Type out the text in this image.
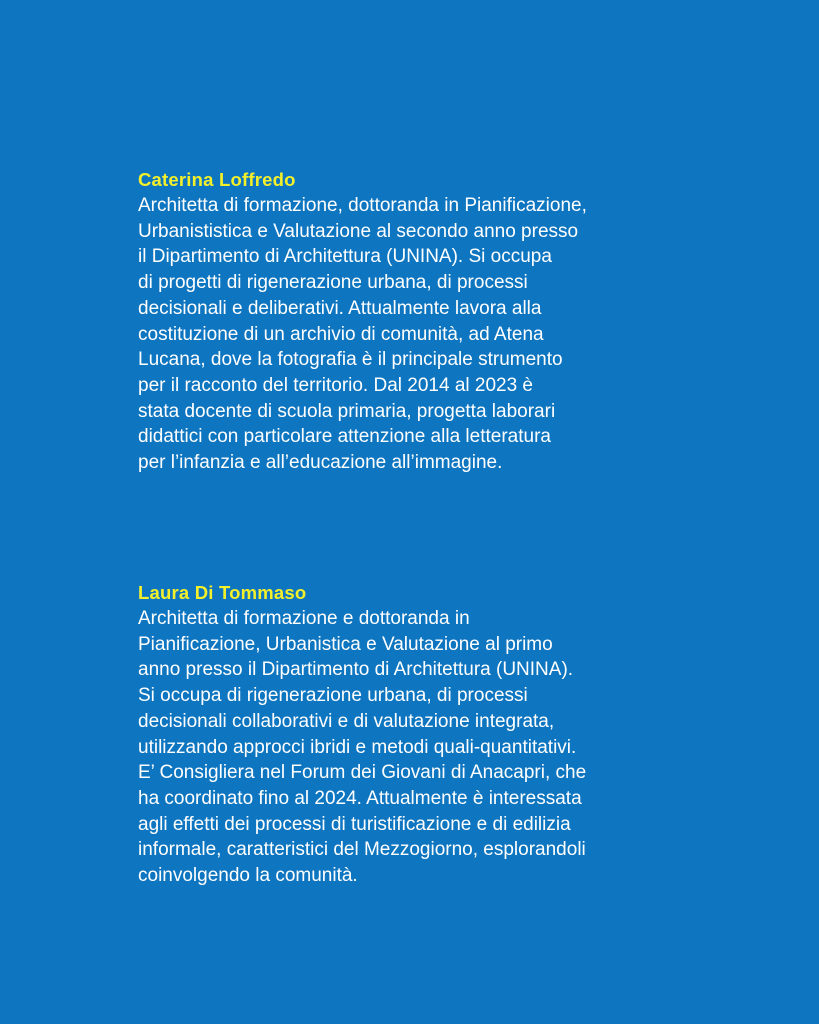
Caterina Loffredo

Architetta di formazione, dottoranda in Pianificazione,
Urbanististica e Valutazione al secondo anno presso
il Dipartimento di Architettura (UNINA). Si occupa
di progetti di rigenerazione urbana, di processi
decisionali e deliberativi. Attualmente lavora alla
costituzione di un archivio di comunità, ad Atena
Lucana, dove la fotografia è il principale strumento
per il racconto del territorio. Dal 2014 al 2023 è
stata docente di scuola primaria, progetta laborari
didattici con particolare attenzione alla letteratura
per l’infanzia e all’educazione all’immagine.

Laura Di Tommaso

Architetta di formazione e dottoranda in
Pianificazione, Urbanistica e Valutazione al primo
anno presso il Dipartimento di Architettura (UNINA).
Si occupa di rigenerazione urbana, di processi
decisionali collaborativi e di valutazione integrata,
utilizzando approcci ibridi e metodi quali-quantitativi.
E’ Consigliera nel Forum dei Giovani di Anacapri, che
ha coordinato fino al 2024. Attualmente è interessata
agli effetti dei processi di turistificazione e di edilizia
informale, caratteristici del Mezzogiorno, esplorandoli
coinvolgendo la comunità.
